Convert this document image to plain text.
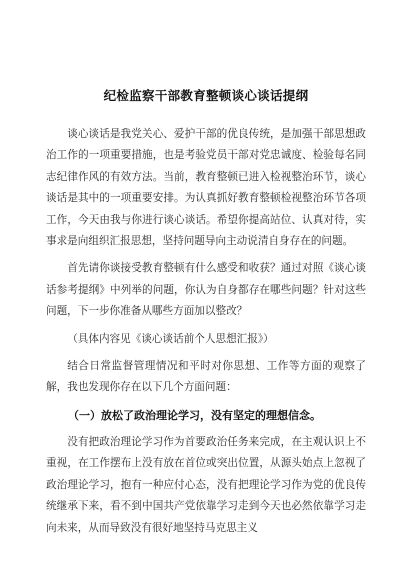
纪检监察干部教育整顿谈心谈话提纲

谈心谈话是我党关心、爱护干部的优良传统，是加强干部思想政治工作的一项重要措施，也是考验党员干部对党忠诚度、检验每名同志纪律作风的有效方法。当前，教育整顿已进入检视整治环节，谈心谈话是其中的一项重要安排。为认真抓好教育整顿检视整治环节各项工作，今天由我与你进行谈心谈话。希望你提高站位、认真对待，实事求是向组织汇报思想，坚持问题导向主动说清自身存在的问题。

首先请你谈接受教育整顿有什么感受和收获？通过对照《谈心谈话参考提纲》中列举的问题，你认为自身都存在哪些问题？针对这些问题，下一步你准备从哪些方面加以整改？

（具体内容见《谈心谈话前个人思想汇报》）

结合日常监督管理情况和平时对你思想、工作等方面的观察了解，我也发现你存在以下几个方面问题：

（一）放松了政治理论学习，没有坚定的理想信念。

没有把政治理论学习作为首要政治任务来完成，在主观认识上不重视，在工作摆布上没有放在首位或突出位置，从源头始点上忽视了政治理论学习，抱有一种应付心态，没有把理论学习作为党的优良传统继承下来，看不到中国共产党依靠学习走到今天也必然依靠学习走向未来，从而导致没有很好地坚持马克思主义
